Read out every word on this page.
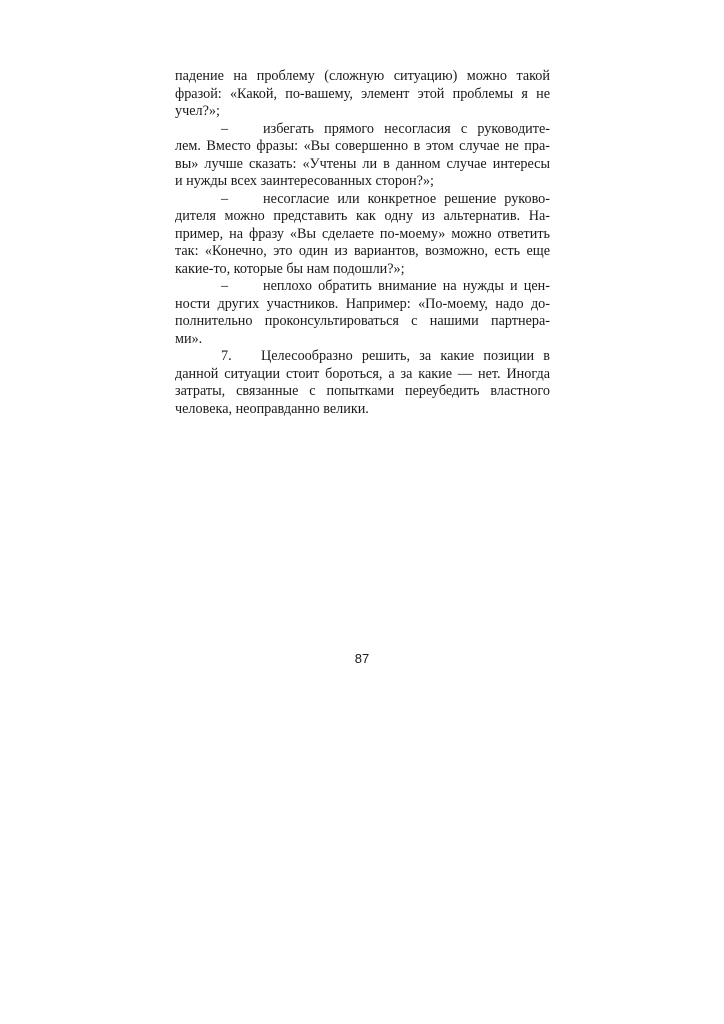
падение на проблему (сложную ситуацию) можно такой
фразой: «Какой, по-вашему, элемент этой проблемы я не
учел?»;
– избегать прямого несогласия с руководите-
лем. Вместо фразы: «Вы совершенно в этом случае не пра-
вы» лучше сказать: «Учтены ли в данном случае интересы
и нужды всех заинтересованных сторон?»;
– несогласие или конкретное решение руково-
дителя можно представить как одну из альтернатив. На-
пример, на фразу «Вы сделаете по-моему» можно ответить
так: «Конечно, это один из вариантов, возможно, есть еще
какие-то, которые бы нам подошли?»;
– неплохо обратить внимание на нужды и цен-
ности других участников. Например: «По-моему, надо до-
полнительно проконсультироваться с нашими партнера-
ми».
7. Целесообразно решить, за какие позиции в
данной ситуации стоит бороться, а за какие — нет. Иногда
затраты, связанные с попытками переубедить властного
человека, неоправданно велики.
87
